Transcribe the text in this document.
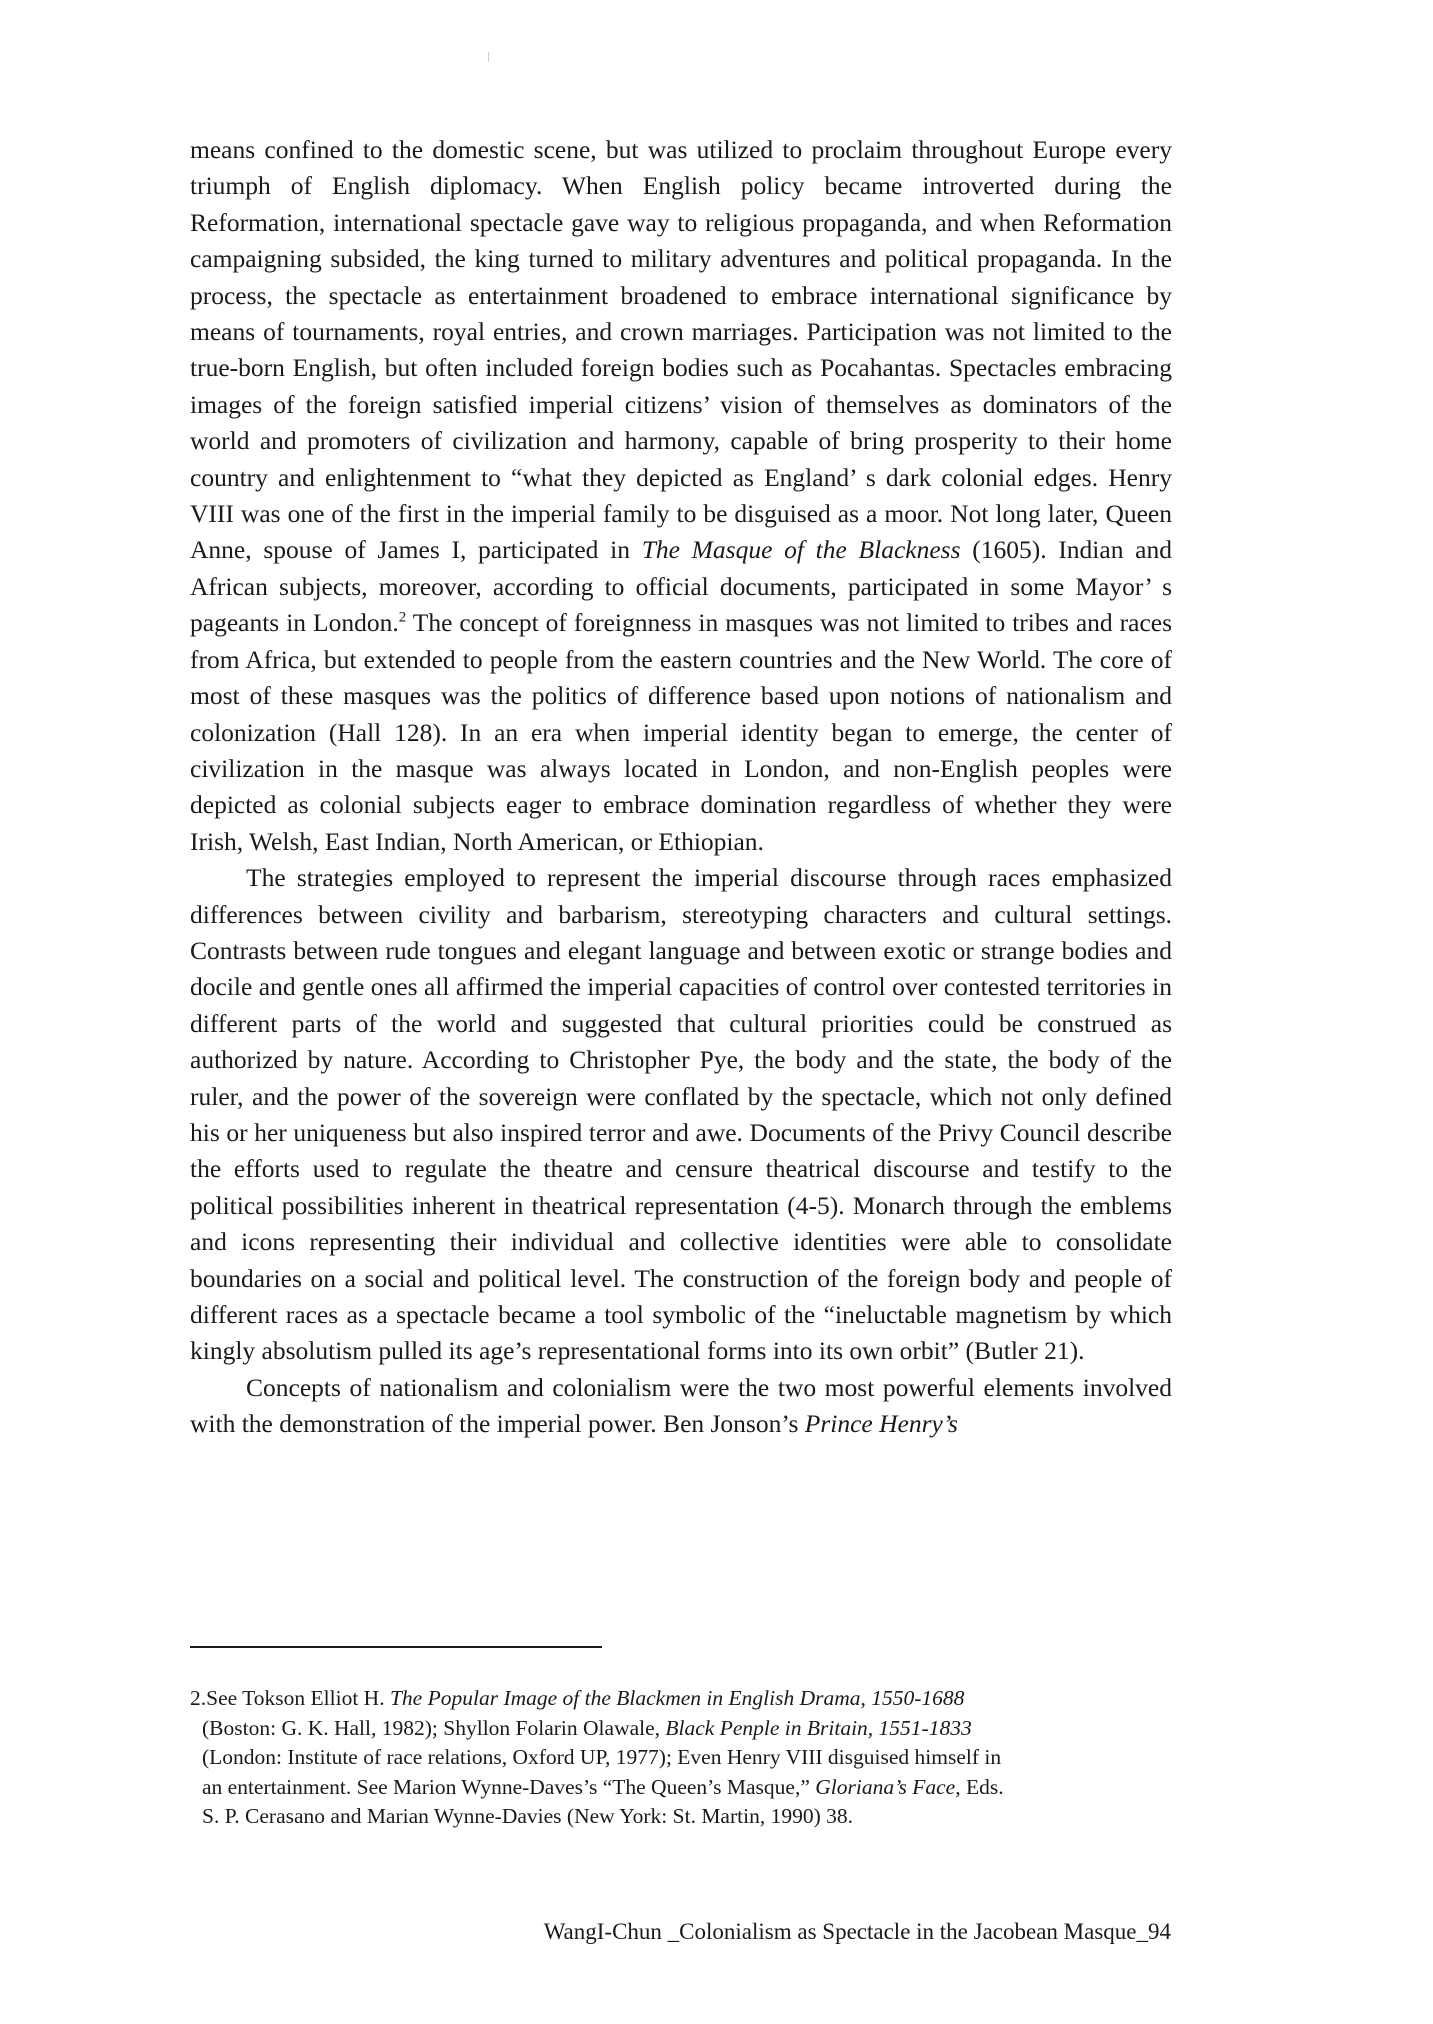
means confined to the domestic scene, but was utilized to proclaim throughout Europe every triumph of English diplomacy. When English policy became introverted during the Reformation, international spectacle gave way to religious propaganda, and when Reformation campaigning subsided, the king turned to military adventures and political propaganda. In the process, the spectacle as entertainment broadened to embrace international significance by means of tournaments, royal entries, and crown marriages. Participation was not limited to the true-born English, but often included foreign bodies such as Pocahantas. Spectacles embracing images of the foreign satisfied imperial citizens’ vision of themselves as dominators of the world and promoters of civilization and harmony, capable of bring prosperity to their home country and enlightenment to “what they depicted as England’ s dark colonial edges. Henry VIII was one of the first in the imperial family to be disguised as a moor. Not long later, Queen Anne, spouse of James I, participated in The Masque of the Blackness (1605). Indian and African subjects, moreover, according to official documents, participated in some Mayor’ s pageants in London.$^2$ The concept of foreignness in masques was not limited to tribes and races from Africa, but extended to people from the eastern countries and the New World. The core of most of these masques was the politics of difference based upon notions of nationalism and colonization (Hall 128). In an era when imperial identity began to emerge, the center of civilization in the masque was always located in London, and non-English peoples were depicted as colonial subjects eager to embrace domination regardless of whether they were Irish, Welsh, East Indian, North American, or Ethiopian.

The strategies employed to represent the imperial discourse through races emphasized differences between civility and barbarism, stereotyping characters and cultural settings. Contrasts between rude tongues and elegant language and between exotic or strange bodies and docile and gentle ones all affirmed the imperial capacities of control over contested territories in different parts of the world and suggested that cultural priorities could be construed as authorized by nature. According to Christopher Pye, the body and the state, the body of the ruler, and the power of the sovereign were conflated by the spectacle, which not only defined his or her uniqueness but also inspired terror and awe. Documents of the Privy Council describe the efforts used to regulate the theatre and censure theatrical discourse and testify to the political possibilities inherent in theatrical representation (4-5). Monarch through the emblems and icons representing their individual and collective identities were able to consolidate boundaries on a social and political level. The construction of the foreign body and people of different races as a spectacle became a tool symbolic of the “ineluctable magnetism by which kingly absolutism pulled its age’s representational forms into its own orbit” (Butler 21).

Concepts of nationalism and colonialism were the two most powerful elements involved with the demonstration of the imperial power. Ben Jonson’s Prince Henry’s

2.See Tokson Elliot H. The Popular Image of the Blackmen in English Drama, 1550-1688
(Boston: G. K. Hall, 1982); Shyllon Folarin Olawale, Black Penple in Britain, 1551-1833
(London: Institute of race relations, Oxford UP, 1977); Even Henry VIII disguised himself in
an entertainment. See Marion Wynne-Daves’s “The Queen’s Masque,” Gloriana’s Face, Eds.
S. P. Cerasano and Marian Wynne-Davies (New York: St. Martin, 1990) 38.
WangI-Chun _Colonialism as Spectacle in the Jacobean Masque_94
